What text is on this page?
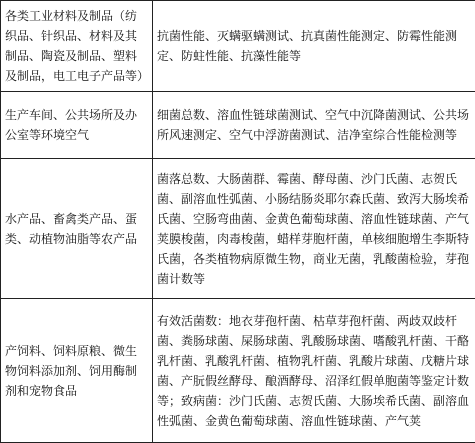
各类工业材料及制品（纺织品、针织品、材料及其制品、陶瓷及制品、塑料及制品，电工电子产品等）	抗菌性能、灭螨驱螨测试、抗真菌性能测定、防霉性能测定、防蛀性能、抗藻性能等
生产车间、公共场所及办公室等环境空气	细菌总数、溶血性链球菌测试、空气中沉降菌测试、公共场所风速测定、空气中浮游菌测试、洁净室综合性能检测等
水产品、畜禽类产品、蛋类、动植物油脂等农产品	菌落总数、大肠菌群、霉菌、酵母菌、沙门氏菌、志贺氏菌、副溶血性弧菌、小肠结肠炎耶尔森氏菌、致泻大肠埃希氏菌、空肠弯曲菌、金黄色葡萄球菌、溶血性链球菌、产气荚膜梭菌，肉毒梭菌，蜡样芽胞杆菌，单核细胞增生李斯特氏菌，各类植物病原微生物，商业无菌，乳酸菌检验，芽孢菌计数等
产饲料、饲料原粮、微生物饲料添加剂、饲用酶制剂和宠物食品	有效活菌数：地衣芽孢杆菌、枯草芽孢杆菌、两歧双歧杆菌、粪肠球菌、屎肠球菌、乳酸肠球菌、嗜酸乳杆菌、干酪乳杆菌、乳酸乳杆菌、植物乳杆菌、乳酸片球菌、戊糖片球菌、产朊假丝酵母、酿酒酵母、沼泽红假单胞菌等鉴定计数等；致病菌：沙门氏菌、志贺氏菌、大肠埃希氏菌、副溶血性弧菌、金黄色葡萄球菌、溶血性链球菌、产气荚
